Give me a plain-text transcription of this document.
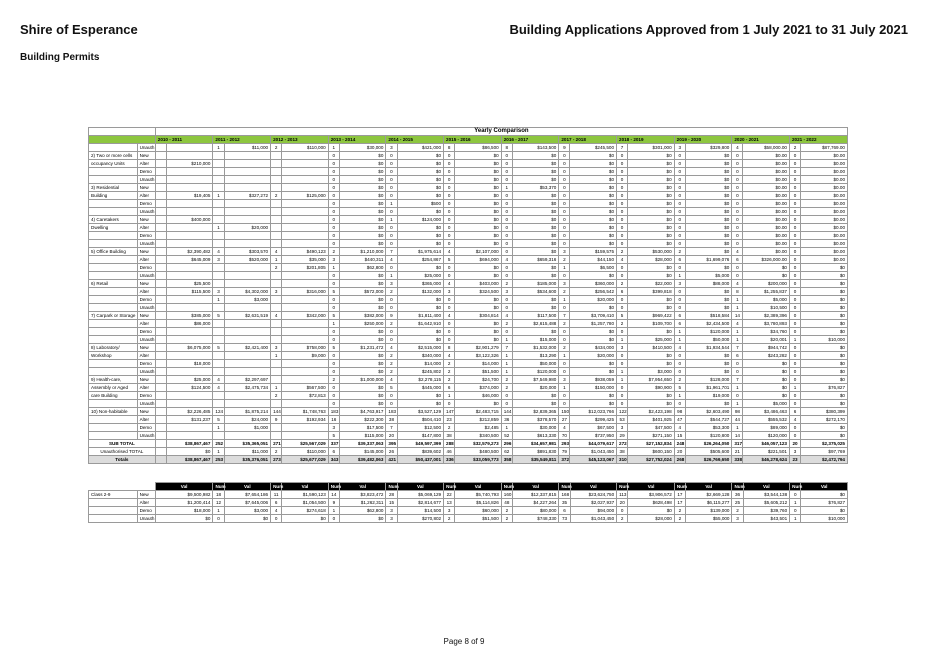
Shire of Esperance	Building Applications Approved from 1 July 2021 to 31 July 2021
Building Permits
		Yearly Comparison																							
		2010 - 2011		2011 - 2012		2012 - 2013		2013 - 2014		2014 - 2015		2015 - 2016		2016 - 2017		2017 - 2018		2018 - 2019		2019 - 2020		2020 - 2021		2021 - 2022	
	Unauth			1	$11,000	2	$110,000	1	$30,000	3	$421,000	8	$86,500	8	$143,500	9	$245,500	7	$301,000	3	$329,800	4	$58,000.00	2	$87,769.00
2) Two or more cells	New							0	$0	0	$0	0	$0	0	$0	0	$0	0	$0	0	$0	0	$0.00	0	$0.00
occupancy Units	Alter		$210,000					0	$0	0	$0	0	$0	0	$0	0	$0	0	$0	0	$0	0	$0.00	0	$0.00
	Demo							0	$0	0	$0	0	$0	0	$0	0	$0	0	$0	0	$0	0	$0.00	0	$0.00
	Unauth							0	$0	0	$0	0	$0	0	$0	0	$0	0	$0	0	$0	0	$0.00	0	$0.00
3) Residential	New							0	$0	0	$0	0	$0	1	$53,370	0	$0	0	$0	0	$0	0	$0.00	0	$0.00
Building	Alter		$19,405	1	$327,272	2	$125,000	0	$0	0	$0	0	$0	0	$0	0	$0	0	$0	0	$0	0	$0.00	0	$0.00
	Demo							0	$0	1	$500	0	$0	0	$0	0	$0	0	$0	0	$0	0	$0.00	0	$0.00
	Unauth							0	$0	0	$0	0	$0	0	$0	0	$0	0	$0	0	$0	0	$0.00	0	$0.00
4) Caretakers	New		$400,000					0	$0	1	$124,000	0	$0	0	$0	0	$0	0	$0	0	$0	0	$0.00	0	$0.00
Dwelling	Alter			1	$20,000			0	$0	0	$0	0	$0	0	$0	0	$0	0	$0	0	$0	0	$0.00	0	$0.00
	Demo							0	$0	0	$0	0	$0	0	$0	0	$0	0	$0	0	$0	0	$0.00	0	$0.00
	Unauth							0	$0	0	$0	0	$0	0	$0	0	$0	0	$0	0	$0	0	$0.00	0	$0.00
5) Office Building	New		$2,390,482	4	$303,570	4	$490,123	2	$1,210,000	7	$1,975,614	4	$2,107,000	0	$0	3	$159,575	2	$530,000	2	$0	4	$0.00	0	$0.00
	Alter		$645,009	3	$520,000	1	$35,000	3	$440,311	4	$254,867	5	$694,000	4	$659,316	2	$44,150	4	$28,000	6	$1,699,076	6	$326,000.00	0	$0.00
	Demo					2	$201,805	1	$62,800	0	$0	0	$0	0	$0	1	$6,500	0	$0	0	$0	0	$0	0	$0
	Unauth							0	$0	1	$25,000	0	$0	0	$0	0	$0	0	$0	1	$5,000	0	$0	0	$0
6) Retail	New		$25,500					0	$0	3	$365,000	4	$403,000	2	$185,000	3	$360,000	2	$22,000	3	$88,000	4	$200,000	0	$0
	Alter		$115,500	3	$4,302,000	3	$316,000	5	$572,000	2	$132,000	3	$324,500	3	$534,600	2	$256,542	6	$399,818	0	$0	8	$1,255,837	0	$0
	Demo			1	$3,000			0	$0	0	$0	0	$0	0	$0	1	$20,000	0	$0	0	$0	1	$5,000	0	$0
	Unauth							0	$0	0	$0	0	$0	0	$0	0	$0	0	$0	0	$0	1	$10,500	0	$0
7) Carpark or Storage	New		$385,000	5	$2,631,519	4	$342,000	5	$382,000	9	$1,811,400	4	$304,814	4	$117,500	7	$3,709,410	5	$969,422	6	$518,584	14	$2,389,396	0	$0
	Alter		$86,000					1	$250,000	2	$1,642,910	0	$0	2	$2,615,488	2	$1,257,780	2	$109,700	6	$2,434,500	4	$3,780,893	0	$0
	Demo							0	$0	0	$0	0	$0	0	$0	0	$0	0	$0	1	$120,000	1	$34,760	0	$0
	Unauth							0	$0	0	$0	0	$0	1	$15,000	0	$0	1	$25,000	1	$50,000	1	$20,001	1	$10,000
8) Laboratory/	New		$6,075,000	5	$2,421,400	3	$758,000	5	$1,231,472	4	$2,515,000	8	$2,901,279	7	$1,532,000	2	$434,000	3	$410,500	4	$1,934,544	7	$944,742	0	$0
Workshop	Alter					1	$9,000	0	$0	2	$340,000	4	$3,122,326	1	$13,290	1	$20,000	0	$0	0	$0	6	$243,282	0	$0
	Demo		$18,000					0	$0	2	$14,000	2	$14,000	1	$50,000	0	$0	0	$0	0	$0	0	$0	0	$0
	Unauth							0	$0	2	$245,802	2	$51,500	1	$120,000	0	$0	1	$3,000	0	$0	0	$0	0	$0
9) Health-care,	New		$25,000	4	$2,297,697			2	$1,000,000	4	$2,278,115	2	$24,700	2	$7,549,980	3	$938,059	1	$7,954,650	2	$128,000	7	$0	0	$0
Assembly or Aged	Alter		$124,500	4	$2,475,734	1	$567,500	0	$0	5	$445,000	6	$374,000	2	$20,000	1	$150,000	0	$90,900	5	$1,961,701	1	$0	1	$76,827
care Building	Demo					2	$72,813	0	$0	0	$0	1	$46,000	0	$0	0	$0	0	$0	1	$19,000	0	$0	0	$0
	Unauth							0	$0	0	$0	0	$0	0	$0	0	$0	0	$0	0	$0	1	$5,000	0	$0
10) Non-habitable	New		$2,226,485	124	$1,875,214	144	$1,748,763	183	$4,763,917	183	$3,527,129	147	$2,483,715	144	$2,839,365	150	$12,023,766	122	$2,423,198	98	$2,603,490	98	$3,486,463	6	$380,399
	Alter		$131,237	5	$24,000	9	$192,934	16	$222,300	38	$504,410	23	$212,859	36	$378,570	27	$299,425	53	$401,925	47	$544,727	44	$555,532	4	$272,170
	Demo			1	$1,000			3	$17,500	7	$12,500	2	$2,485	1	$30,000	4	$67,500	3	$47,500	4	$53,300	1	$89,000	0	$0
	Unauth							5	$115,000	20	$147,800	38	$340,500	52	$613,330	70	$737,950	29	$271,150	15	$120,800	14	$120,000	0	$0
SUB TOTAL			$38,867,467	252	$35,365,051	271	$25,567,029	337	$39,337,063	395	$49,597,399	288	$32,579,273	296	$34,657,981	293	$44,079,617	272	$27,152,834	248	$26,264,050	317	$46,057,123	20	$2,375,025
Unauthorised TOTAL			$0	1	$11,000	2	$110,000	6	$145,000	26	$839,602	46	$480,500	62	$891,830	79	$1,043,450	38	$600,150	20	$505,600	21	$221,501	3	$97,769
Totals			$38,867,467	253	$35,376,051	273	$25,677,029	343	$39,482,063	421	$50,437,001	336	$33,059,773	358	$35,549,811	372	$45,123,067	310	$27,752,024	268	$26,769,650	338	$46,278,624	23	$2,472,794
		Val	Num	Val	Num	Val	Num	Val	Num	Val	Num	Val	Num	Val	Num	Val	Num	Val	Num	Val	Num	Val	Num	Val
Class 2-9	New	$9,500,982	18	$7,654,186	11	$1,590,123	14	$3,823,472	28	$5,069,129	22	$5,740,793	160	$12,337,815	168	$23,624,750	113	$3,906,572	17	$2,669,128	36	$3,544,138	0	$0
	Alter	$1,200,414	12	$7,645,006	6	$1,054,500	9	$1,262,311	15	$2,814,677	13	$5,114,826	48	$4,227,264	35	$2,027,937	20	$628,498	17	$6,115,277	25	$5,605,212	1	$76,827
	Demo	$18,000	1	$3,000	4	$274,618	1	$62,800	3	$14,500	3	$60,000	2	$80,000	6	$94,000	0	$0	2	$139,000	2	$39,760	0	$0
	Unauth	$0	0	$0	0	$0	0	$0	3	$270,802	2	$51,500	2	$748,330	73	$1,043,450	2	$28,000	2	$55,000	3	$43,501	1	$10,000
Page 8 of 9
